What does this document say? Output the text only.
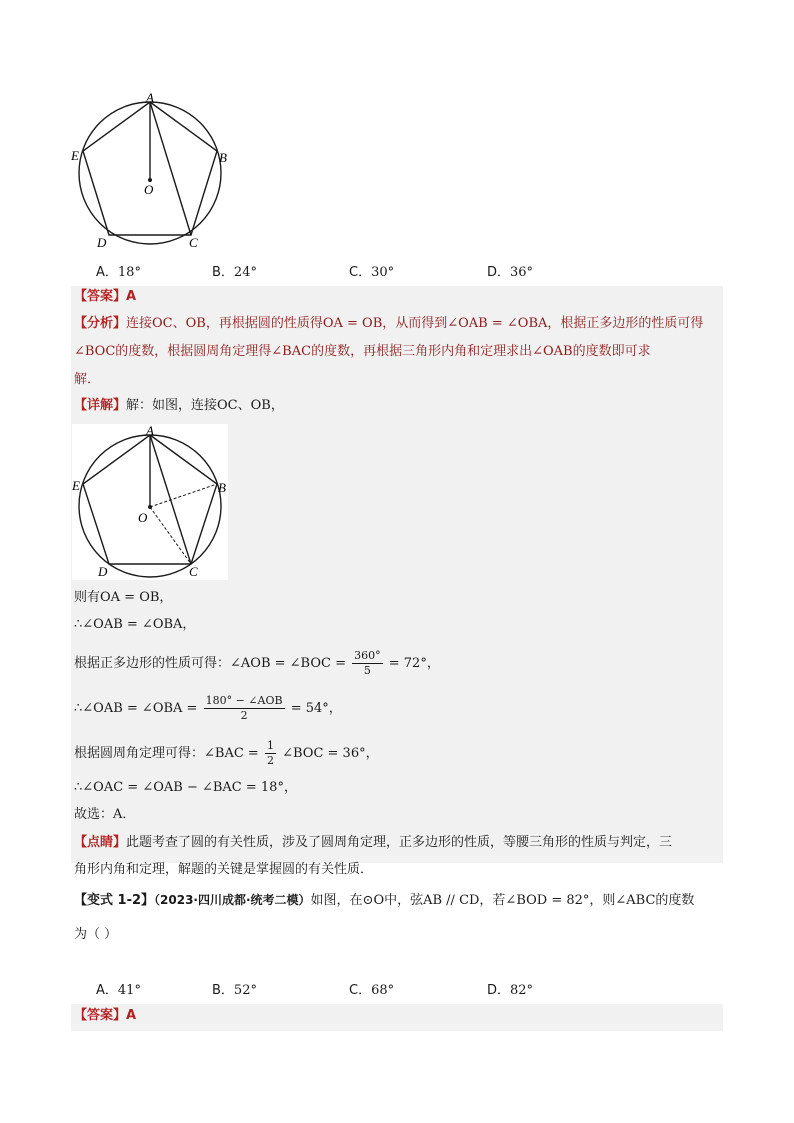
A
B
C
D
E
O
A．18°	B．24°	C．30°	D．36°
【答案】A
【分析】连接OC、OB，再根据圆的性质得OA = OB，从而得到∠OAB = ∠OBA，根据正多边形的性质可得
∠BOC的度数，根据圆周角定理得∠BAC的度数，再根据三角形内角和定理求出∠OAB的度数即可求
解．
【详解】解：如图，连接OC、OB，
A
B
C
D
E
O
则有OA = OB，
∴∠OAB = ∠OBA，
根据正多边形的性质可得：∠AOB = ∠BOC = $\frac{360^\circ}{5} = 72^\circ$，
∴∠OAB = ∠OBA = $\frac{\text{180° − ∠AOB}}{2} = 54^\circ$，
根据圆周角定理可得：∠BAC = $\frac{1}{2}$ ∠BOC = 36°，
∴∠OAC = ∠OAB − ∠BAC = 18°，
故选：A．
【点睛】此题考查了圆的有关性质，涉及了圆周角定理，正多边形的性质，等腰三角形的性质与判定，三
角形内角和定理，解题的关键是掌握圆的有关性质．
【变式 1-2】（2023·四川成都·统考二模）如图，在⊙O中，弦AB // CD，若∠BOD = 82°，则∠ABC的度数
为（ ）
A．41°	B．52°	C．68°	D．82°
【答案】A
